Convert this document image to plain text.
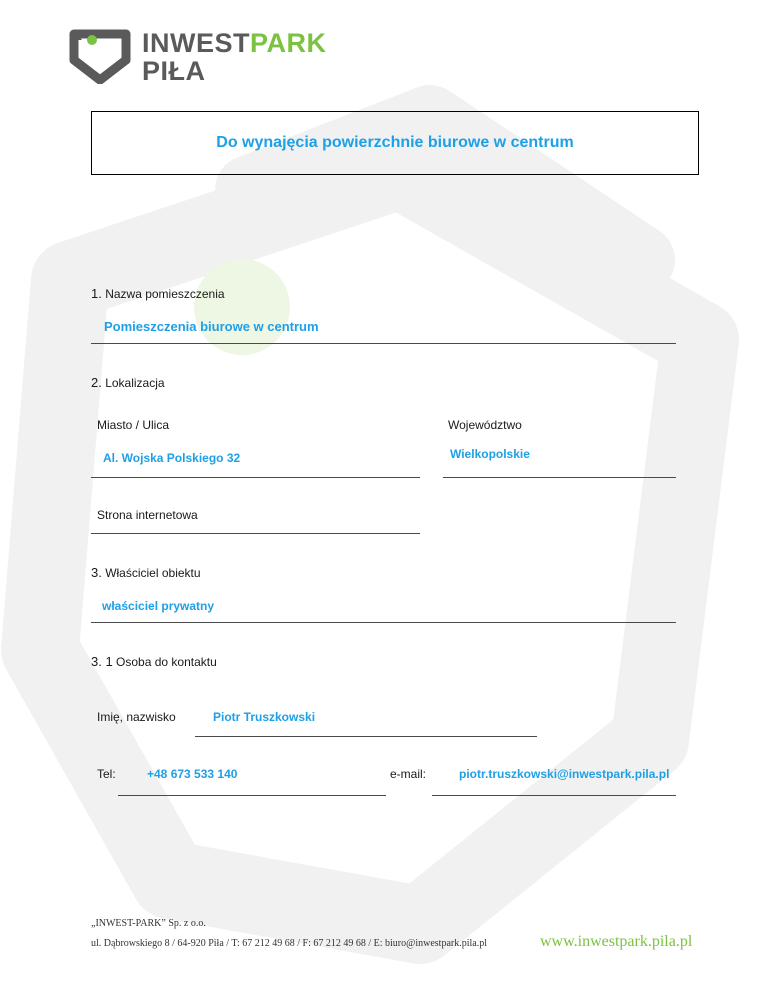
INWESTPARK
PIŁA
Do wynajęcia powierzchnie biurowe w centrum
1. Nazwa pomieszczenia
Pomieszczenia biurowe w centrum
2. Lokalizacja
Miasto / Ulica	Województwo
Al. Wojska Polskiego 32	Wielkopolskie
Strona internetowa
3. Właściciel obiektu
właściciel prywatny
3. 1 Osoba do kontaktu
Imię, nazwisko	Piotr Truszkowski
Tel:	+48 673 533 140	e-mail:	piotr.truszkowski@inwestpark.pila.pl
„INWEST-PARK” Sp. z o.o.
ul. Dąbrowskiego 8 / 64-920 Piła / T: 67 212 49 68 / F: 67 212 49 68 / E: biuro@inwestpark.pila.pl	www.inwestpark.pila.pl
